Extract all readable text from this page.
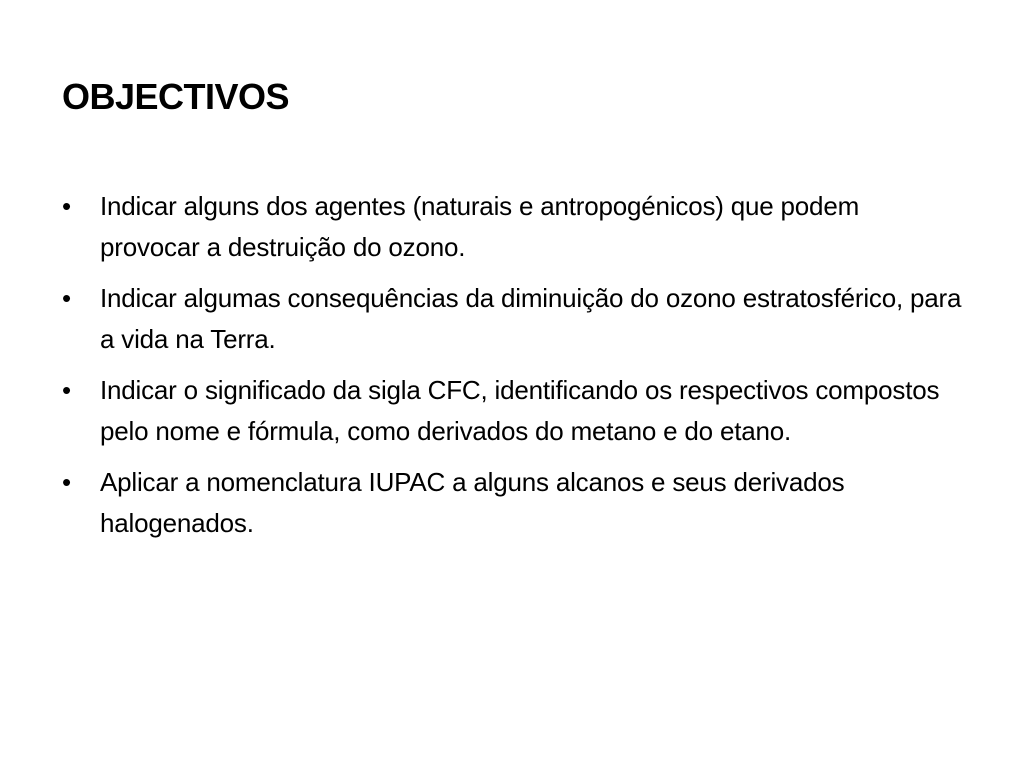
OBJECTIVOS
•	Indicar alguns dos agentes (naturais e antropogénicos) que podem provocar a destruição do ozono.
•	Indicar algumas consequências da diminuição do ozono estratosférico, para a vida na Terra.
•	Indicar o significado da sigla CFC, identificando os respectivos compostos pelo nome e fórmula, como derivados do metano e do etano.
•	Aplicar a nomenclatura IUPAC a alguns alcanos e seus derivados halogenados.
